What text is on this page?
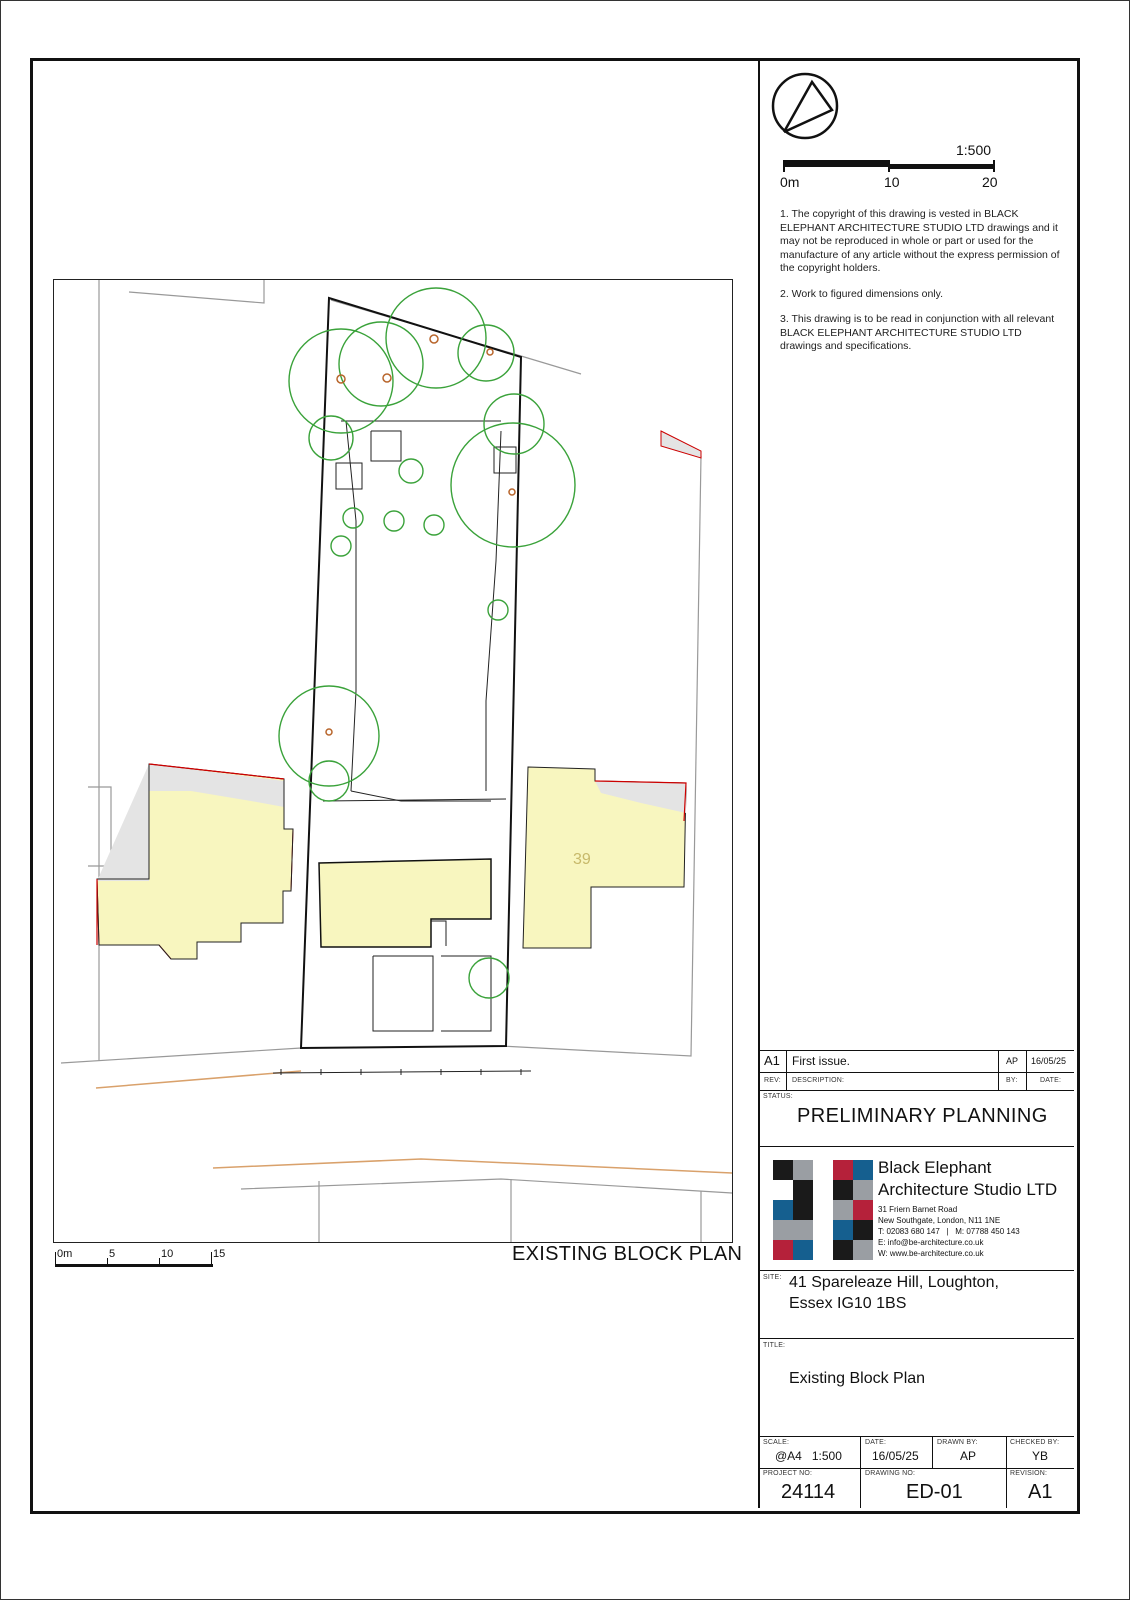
39
0m	5	10	15	EXISTING BLOCK PLAN
1:500
0m	10	20

1. The copyright of this drawing is vested in BLACK ELEPHANT ARCHITECTURE STUDIO LTD drawings and it may not be reproduced in whole or part or used for the manufacture of any article without the express permission of the copyright holders.

2. Work to figured dimensions only.

3. This drawing is to be read in conjunction with all relevant BLACK ELEPHANT ARCHITECTURE STUDIO LTD drawings and specifications.

A1 First issue.	AP 16/05/25
REV: DESCRIPTION:	BY:	DATE:
STATUS:
PRELIMINARY PLANNING
Black Elephant
Architecture Studio LTD
31 Friern Barnet Road
New Southgate, London, N11 1NE
T: 02083 680 147   |   M: 07788 450 143
E: info@be-architecture.co.uk
W: www.be-architecture.co.uk
SITE: 41 Spareleaze Hill, Loughton,
Essex IG10 1BS
TITLE:
Existing Block Plan
SCALE:
@A4   1:500
DATE:
16/05/25
DRAWN BY:
AP
CHECKED BY:
YB
PROJECT NO:
24114
DRAWING NO:
ED-01
REVISION:
A1
